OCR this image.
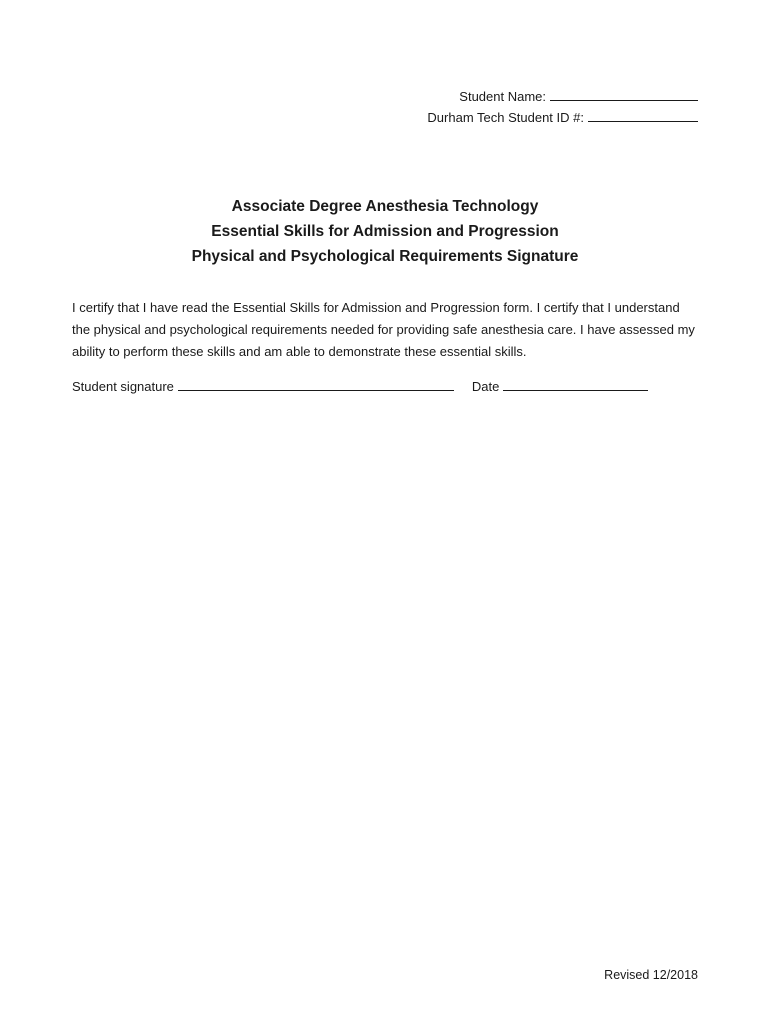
Student Name:
Durham Tech Student ID #:
Associate Degree Anesthesia Technology
Essential Skills for Admission and Progression
Physical and Psychological Requirements Signature
I certify that I have read the Essential Skills for Admission and Progression form. I certify that I understand the physical and psychological requirements needed for providing safe anesthesia care. I have assessed my ability to perform these skills and am able to demonstrate these essential skills.
Student signature	Date
Revised 12/2018
